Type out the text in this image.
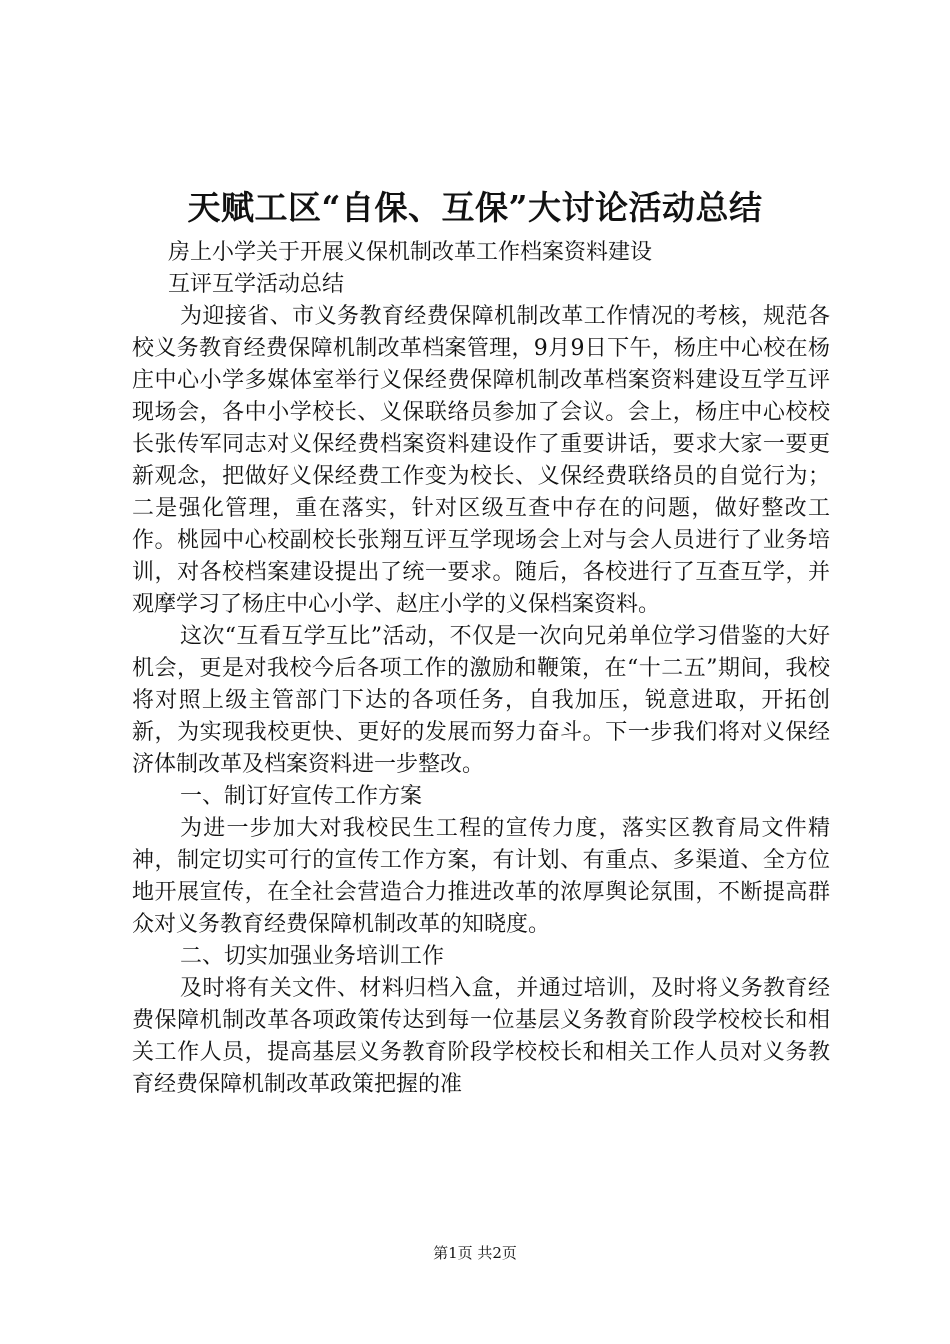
天赋工区“自保、互保”大讨论活动总结

房上小学关于开展义保机制改革工作档案资料建设

互评互学活动总结

为迎接省、市义务教育经费保障机制改革工作情况的考核，规范各校义务教育经费保障机制改革档案管理，9月9日下午，杨庄中心校在杨庄中心小学多媒体室举行义保经费保障机制改革档案资料建设互学互评现场会，各中小学校长、义保联络员参加了会议。会上，杨庄中心校校长张传军同志对义保经费档案资料建设作了重要讲话，要求大家一要更新观念，把做好义保经费工作变为校长、义保经费联络员的自觉行为；二是强化管理，重在落实，针对区级互查中存在的问题，做好整改工作。桃园中心校副校长张翔互评互学现场会上对与会人员进行了业务培训，对各校档案建设提出了统一要求。随后，各校进行了互查互学，并观摩学习了杨庄中心小学、赵庄小学的义保档案资料。

这次“互看互学互比”活动，不仅是一次向兄弟单位学习借鉴的大好机会，更是对我校今后各项工作的激励和鞭策，在“十二五”期间，我校将对照上级主管部门下达的各项任务，自我加压，锐意进取，开拓创新，为实现我校更快、更好的发展而努力奋斗。下一步我们将对义保经济体制改革及档案资料进一步整改。

一、制订好宣传工作方案

为进一步加大对我校民生工程的宣传力度，落实区教育局文件精神，制定切实可行的宣传工作方案，有计划、有重点、多渠道、全方位地开展宣传，在全社会营造合力推进改革的浓厚舆论氛围，不断提高群众对义务教育经费保障机制改革的知晓度。

二、切实加强业务培训工作

及时将有关文件、材料归档入盒，并通过培训，及时将义务教育经费保障机制改革各项政策传达到每一位基层义务教育阶段学校校长和相关工作人员，提高基层义务教育阶段学校校长和相关工作人员对义务教育经费保障机制改革政策把握的准

第1页 共2页
